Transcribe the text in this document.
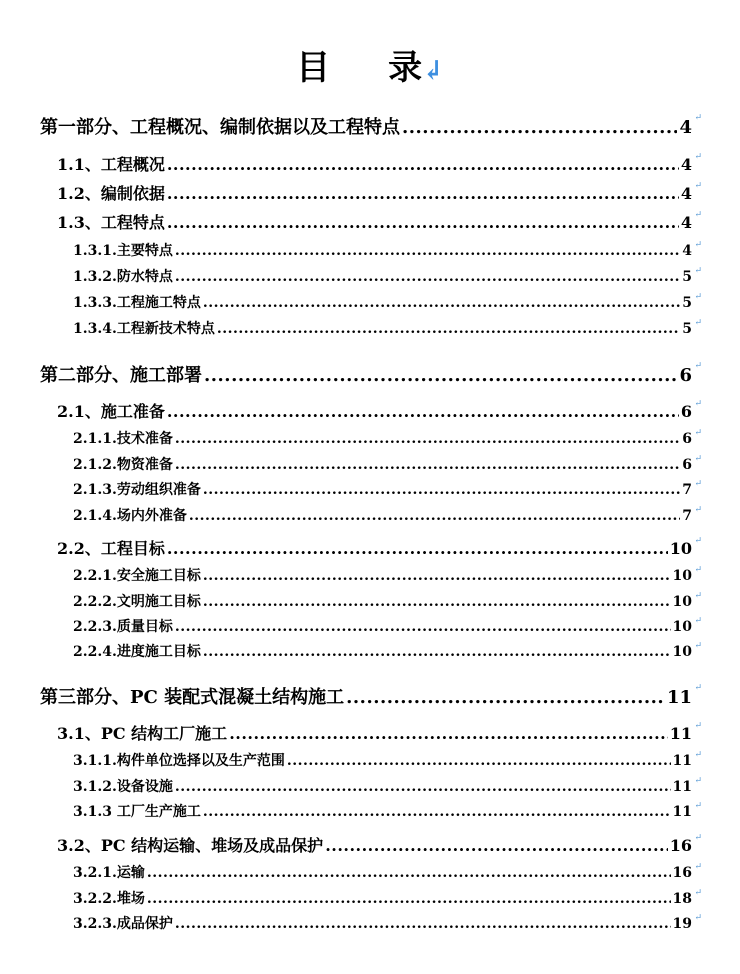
目 录↲
第一部分、工程概况、编制依据以及工程特点 .....	4 ↵
1.1、工程概况 .....	4 ↵
1.2、编制依据 .....	4 ↵
1.3、工程特点 .....	4 ↵
1.3.1.主要特点 .....	4 ↵
1.3.2.防水特点 .....	5 ↵
1.3.3.工程施工特点 .....	5 ↵
1.3.4.工程新技术特点 .....	5 ↵
第二部分、施工部署 .....	6 ↵
2.1、施工准备 .....	6 ↵
2.1.1.技术准备 .....	6 ↵
2.1.2.物资准备 .....	6 ↵
2.1.3.劳动组织准备 .....	7 ↵
2.1.4.场内外准备 .....	7 ↵
2.2、工程目标 .....	10 ↵
2.2.1.安全施工目标 .....	10 ↵
2.2.2.文明施工目标 .....	10 ↵
2.2.3.质量目标 .....	10 ↵
2.2.4.进度施工目标 .....	10 ↵
第三部分、PC 装配式混凝土结构施工 .....	11 ↵
3.1、PC 结构工厂施工 .....	11 ↵
3.1.1.构件单位选择以及生产范围 .....	11 ↵
3.1.2.设备设施 .....	11 ↵
3.1.3 工厂生产施工 .....	11 ↵
3.2、PC 结构运输、堆场及成品保护 .....	16 ↵
3.2.1.运输 .....	16 ↵
3.2.2.堆场 .....	18 ↵
3.2.3.成品保护 .....	19 ↵
